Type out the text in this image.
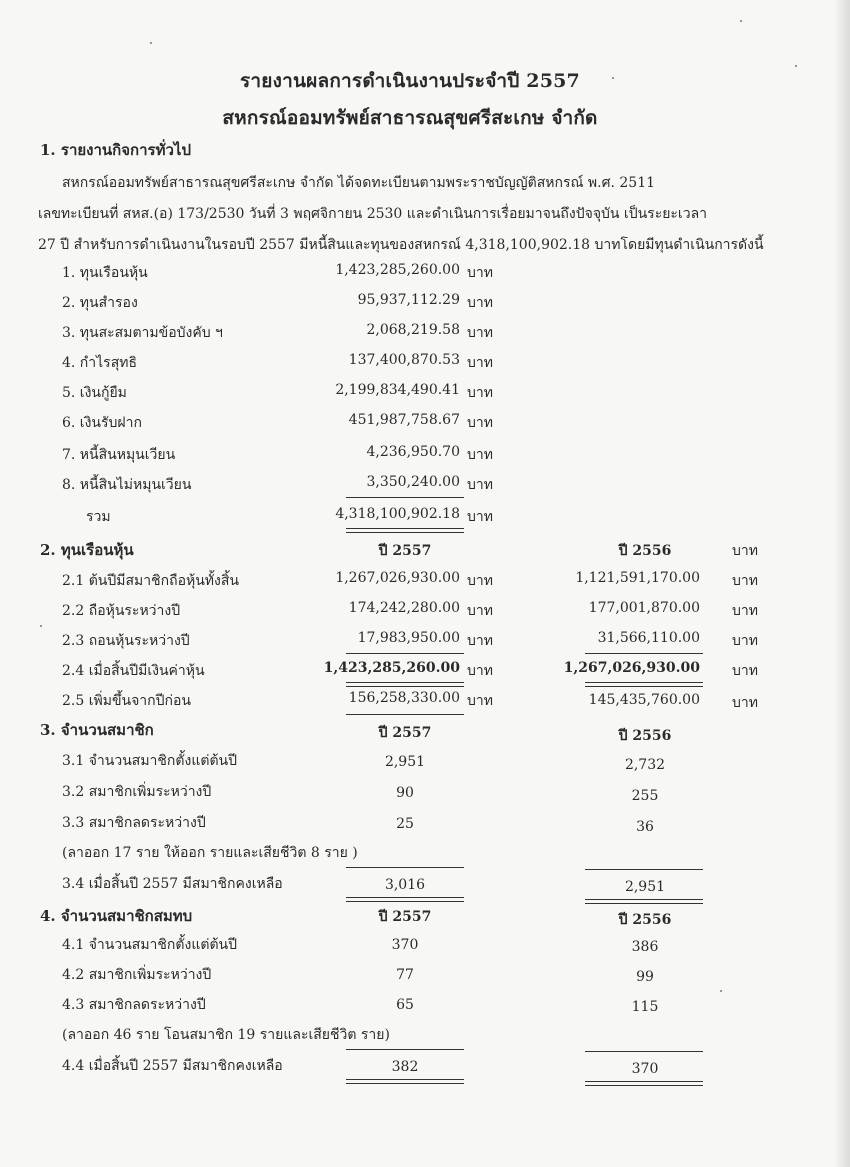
รายงานผลการดำเนินงานประจำปี 2557
สหกรณ์ออมทรัพย์สาธารณสุขศรีสะเกษ จำกัด
1. รายงานกิจการทั่วไป
สหกรณ์ออมทรัพย์สาธารณสุขศรีสะเกษ จำกัด ได้จดทะเบียนตามพระราชบัญญัติสหกรณ์ พ.ศ. 2511
เลขทะเบียนที่ สหส.(อ) 173/2530 วันที่ 3 พฤศจิกายน 2530 และดำเนินการเรื่อยมาจนถึงปัจจุบัน เป็นระยะเวลา
27 ปี สำหรับการดำเนินงานในรอบปี 2557 มีหนี้สินและทุนของสหกรณ์ 4,318,100,902.18 บาทโดยมีทุนดำเนินการดังนี้
1. ทุนเรือนหุ้น	1,423,285,260.00 บาท
2. ทุนสำรอง	95,937,112.29 บาท
3. ทุนสะสมตามข้อบังคับ ฯ	2,068,219.58 บาท
4. กำไรสุทธิ	137,400,870.53 บาท
5. เงินกู้ยืม	2,199,834,490.41 บาท
6. เงินรับฝาก	451,987,758.67 บาท
7. หนี้สินหมุนเวียน	4,236,950.70 บาท
8. หนี้สินไม่หมุนเวียน	3,350,240.00 บาท
รวม	4,318,100,902.18 บาท
2. ทุนเรือนหุ้น	ปี 2557	ปี 2556	บาท
2.1 ต้นปีมีสมาชิกถือหุ้นทั้งสิ้น	1,267,026,930.00 บาท	1,121,591,170.00 บาท
2.2 ถือหุ้นระหว่างปี	174,242,280.00 บาท	177,001,870.00 บาท
2.3 ถอนหุ้นระหว่างปี	17,983,950.00 บาท	31,566,110.00 บาท
2.4 เมื่อสิ้นปีมีเงินค่าหุ้น	1,423,285,260.00 บาท	1,267,026,930.00 บาท
2.5 เพิ่มขึ้นจากปีก่อน	156,258,330.00 บาท	145,435,760.00 บาท
3. จำนวนสมาชิก	ปี 2557	ปี 2556
3.1 จำนวนสมาชิกตั้งแต่ต้นปี	2,951	2,732
3.2 สมาชิกเพิ่มระหว่างปี	90	255
3.3 สมาชิกลดระหว่างปี	25	36
(ลาออก 17 ราย ให้ออก รายและเสียชีวิต 8 ราย )
3.4 เมื่อสิ้นปี 2557 มีสมาชิกคงเหลือ	3,016	2,951
4. จำนวนสมาชิกสมทบ	ปี 2557	ปี 2556
4.1 จำนวนสมาชิกตั้งแต่ต้นปี	370	386
4.2 สมาชิกเพิ่มระหว่างปี	77	99
4.3 สมาชิกลดระหว่างปี	65	115
(ลาออก 46 ราย โอนสมาชิก 19 รายและเสียชีวิต ราย)
4.4 เมื่อสิ้นปี 2557 มีสมาชิกคงเหลือ	382	370
